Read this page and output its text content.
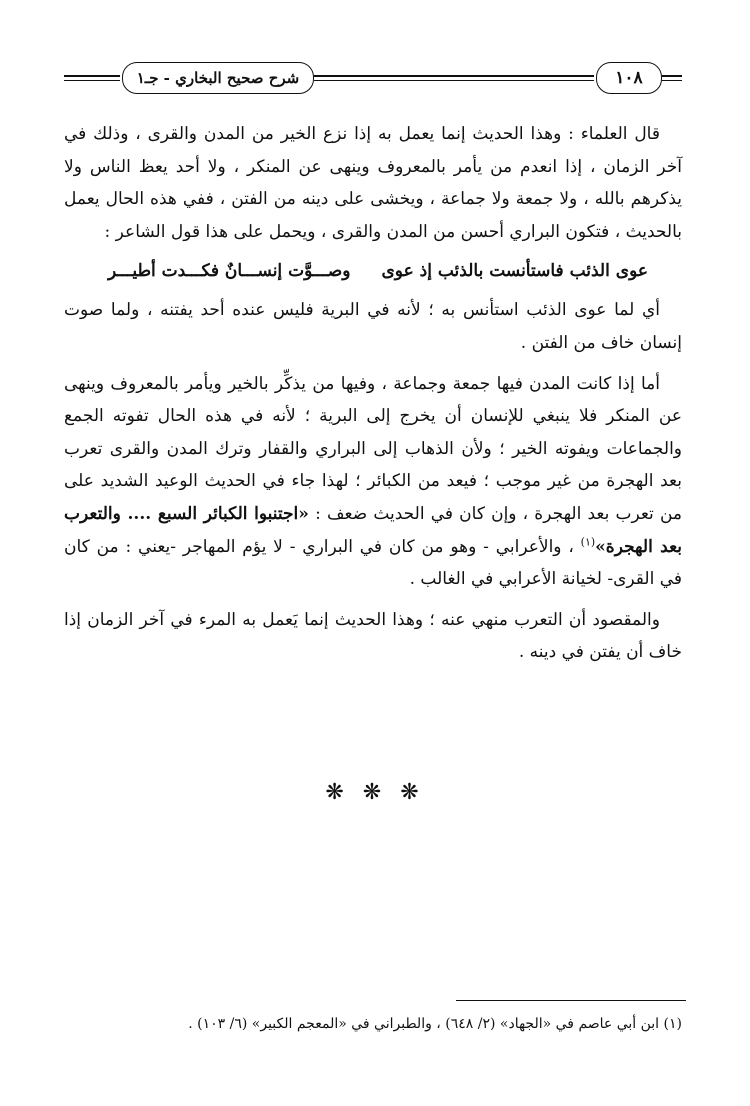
شرح صحيح البخاري - جـ١	١٠٨

قال العلماء : وهذا الحديث إنما يعمل به إذا نزع الخير من المدن والقرى ، وذلك في آخر الزمان ، إذا انعدم من يأمر بالمعروف وينهى عن المنكر ، ولا أحد يعظ الناس ولا يذكرهم بالله ، ولا جمعة ولا جماعة ، ويخشى على دينه من الفتن ، ففي هذه الحال يعمل بالحديث ، فتكون البراري أحسن من المدن والقرى ، ويحمل على هذا قول الشاعر :

عوى الذئب فاستأنست بالذئب إذ عوى
وصـــوَّت إنســـانٌ فكـــدت أطيـــر

أي لما عوى الذئب استأنس به ؛ لأنه في البرية فليس عنده أحد يفتنه ، ولما صوت إنسان خاف من الفتن .

أما إذا كانت المدن فيها جمعة وجماعة ، وفيها من يذكِّر بالخير ويأمر بالمعروف وينهى عن المنكر فلا ينبغي للإنسان أن يخرج إلى البرية ؛ لأنه في هذه الحال تفوته الجمع والجماعات ويفوته الخير ؛ ولأن الذهاب إلى البراري والقفار وترك المدن والقرى تعرب بعد الهجرة من غير موجب ؛ فيعد من الكبائر ؛ لهذا جاء في الحديث الوعيد الشديد على من تعرب بعد الهجرة ، وإن كان في الحديث ضعف : «اجتنبوا الكبائر السبع .... والتعرب بعد الهجرة»$^{(١)}$ ، والأعرابي - وهو من كان في البراري - لا يؤم المهاجر -يعني : من كان في القرى- لخيانة الأعرابي في الغالب .

والمقصود أن التعرب منهي عنه ؛ وهذا الحديث إنما يَعمل به المرء في آخر الزمان إذا خاف أن يفتن في دينه .

❋ ❋ ❋
(١) ابن أبي عاصم في «الجهاد» (٢/ ٦٤٨) ، والطبراني في «المعجم الكبير» (٦/ ١٠٣) .
